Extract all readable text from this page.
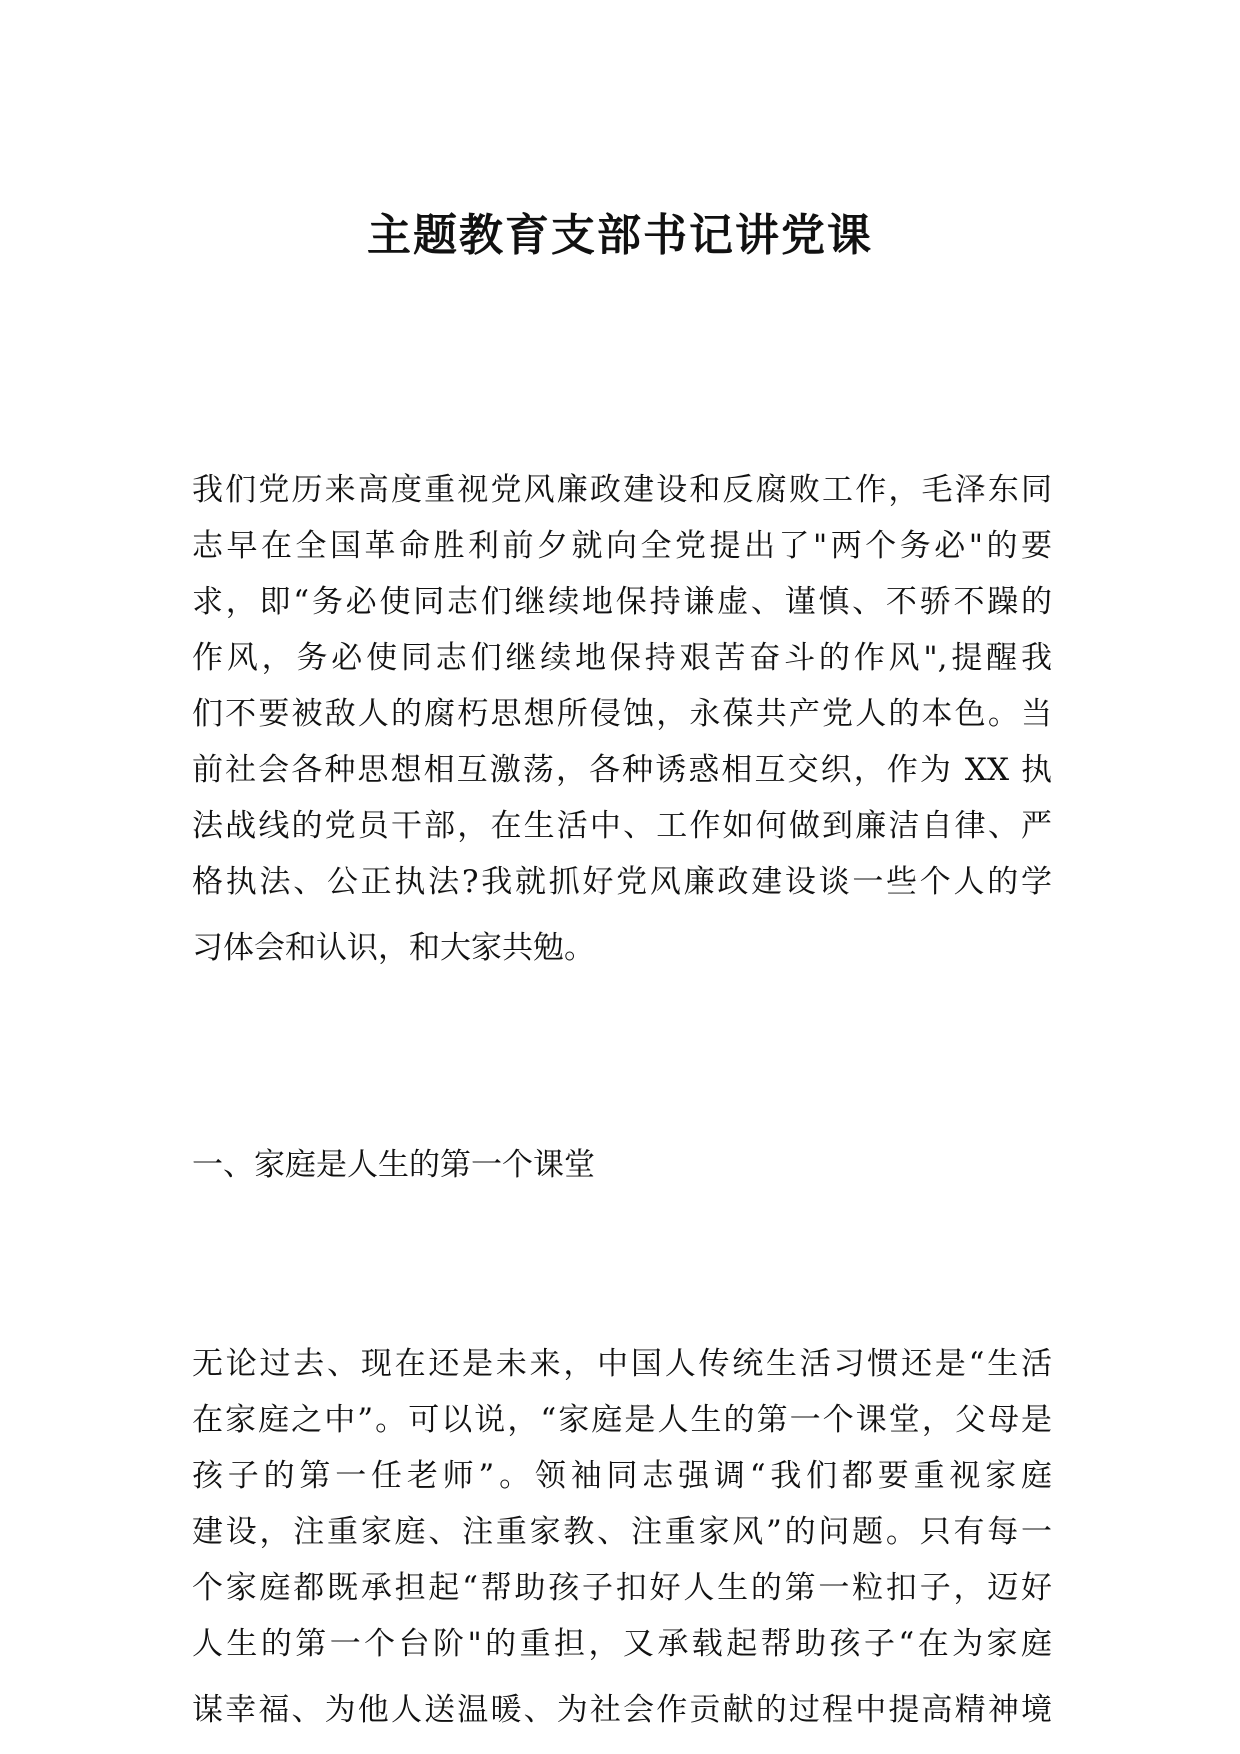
主题教育支部书记讲党课
我们党历来高度重视党风廉政建设和反腐败工作，毛泽东同
志早在全国革命胜利前夕就向全党提出了"两个务必"的要
求，即“务必使同志们继续地保持谦虚、谨慎、不骄不躁的
作风，务必使同志们继续地保持艰苦奋斗的作风",提醒我
们不要被敌人的腐朽思想所侵蚀，永葆共产党人的本色。当
前社会各种思想相互激荡，各种诱惑相互交织，作为 XX 执
法战线的党员干部，在生活中、工作如何做到廉洁自律、严
格执法、公正执法?我就抓好党风廉政建设谈一些个人的学
习体会和认识，和大家共勉。
一、家庭是人生的第一个课堂
无论过去、现在还是未来，中国人传统生活习惯还是“生活
在家庭之中”。可以说，“家庭是人生的第一个课堂，父母是
孩子的第一任老师”。领袖同志强调“我们都要重视家庭
建设，注重家庭、注重家教、注重家风”的问题。只有每一
个家庭都既承担起“帮助孩子扣好人生的第一粒扣子，迈好
人生的第一个台阶"的重担，又承载起帮助孩子“在为家庭
谋幸福、为他人送温暖、为社会作贡献的过程中提高精神境
